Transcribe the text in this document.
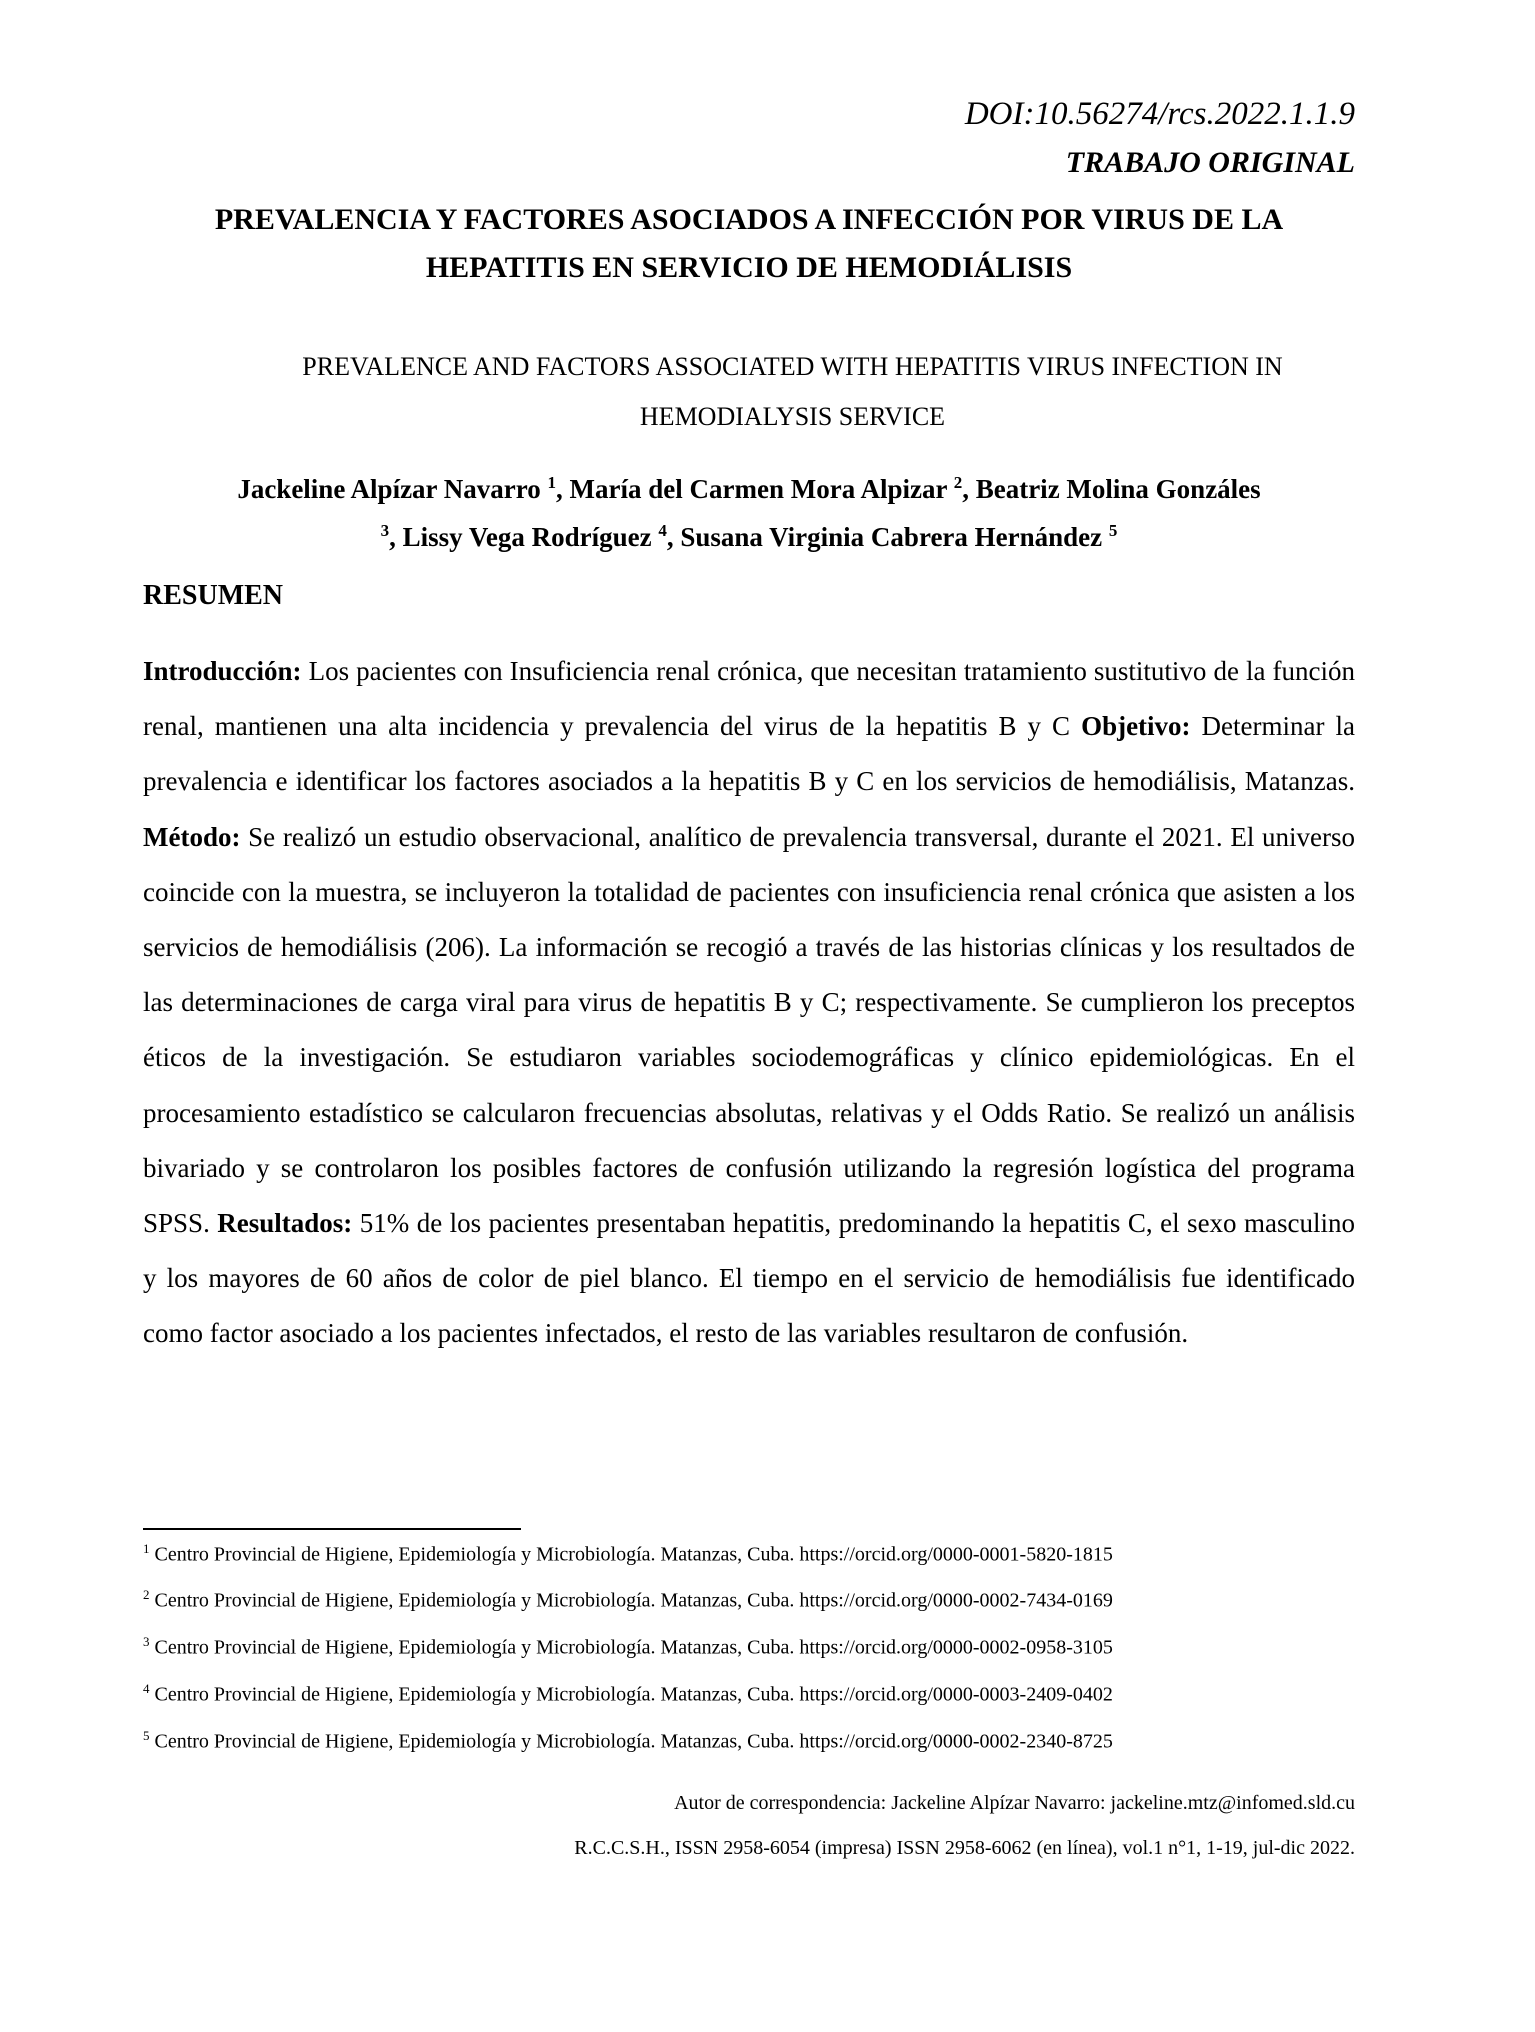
DOI:10.56274/rcs.2022.1.1.9
TRABAJO ORIGINAL
PREVALENCIA Y FACTORES ASOCIADOS A INFECCIÓN POR VIRUS DE LA HEPATITIS EN SERVICIO DE HEMODIÁLISIS
PREVALENCE AND FACTORS ASSOCIATED WITH HEPATITIS VIRUS INFECTION IN HEMODIALYSIS SERVICE
Jackeline Alpízar Navarro $^1$, María del Carmen Mora Alpizar $^2$, Beatriz Molina Gonzáles
$^3$, Lissy Vega Rodríguez $^4$, Susana Virginia Cabrera Hernández $^5$
RESUMEN
Introducción: Los pacientes con Insuficiencia renal crónica, que necesitan tratamiento sustitutivo de la función renal, mantienen una alta incidencia y prevalencia del virus de la hepatitis B y C Objetivo: Determinar la prevalencia e identificar los factores asociados a la hepatitis B y C en los servicios de hemodiálisis, Matanzas. Método: Se realizó un estudio observacional, analítico de prevalencia transversal, durante el 2021. El universo coincide con la muestra, se incluyeron la totalidad de pacientes con insuficiencia renal crónica que asisten a los servicios de hemodiálisis (206). La información se recogió a través de las historias clínicas y los resultados de las determinaciones de carga viral para virus de hepatitis B y C; respectivamente. Se cumplieron los preceptos éticos de la investigación. Se estudiaron variables sociodemográficas y clínico epidemiológicas. En el procesamiento estadístico se calcularon frecuencias absolutas, relativas y el Odds Ratio. Se realizó un análisis bivariado y se controlaron los posibles factores de confusión utilizando la regresión logística del programa SPSS. Resultados: 51% de los pacientes presentaban hepatitis, predominando la hepatitis C, el sexo masculino y los mayores de 60 años de color de piel blanco. El tiempo en el servicio de hemodiálisis fue identificado como factor asociado a los pacientes infectados, el resto de las variables resultaron de confusión.
$^1$ Centro Provincial de Higiene, Epidemiología y Microbiología. Matanzas, Cuba. https://orcid.org/0000-0001-5820-1815
$^2$ Centro Provincial de Higiene, Epidemiología y Microbiología. Matanzas, Cuba. https://orcid.org/0000-0002-7434-0169
$^3$ Centro Provincial de Higiene, Epidemiología y Microbiología. Matanzas, Cuba. https://orcid.org/0000-0002-0958-3105
$^4$ Centro Provincial de Higiene, Epidemiología y Microbiología. Matanzas, Cuba. https://orcid.org/0000-0003-2409-0402
$^5$ Centro Provincial de Higiene, Epidemiología y Microbiología. Matanzas, Cuba. https://orcid.org/0000-0002-2340-8725
Autor de correspondencia: Jackeline Alpízar Navarro: jackeline.mtz@infomed.sld.cu
R.C.C.S.H., ISSN 2958-6054 (impresa) ISSN 2958-6062 (en línea), vol.1 n°1, 1-19, jul-dic 2022.
